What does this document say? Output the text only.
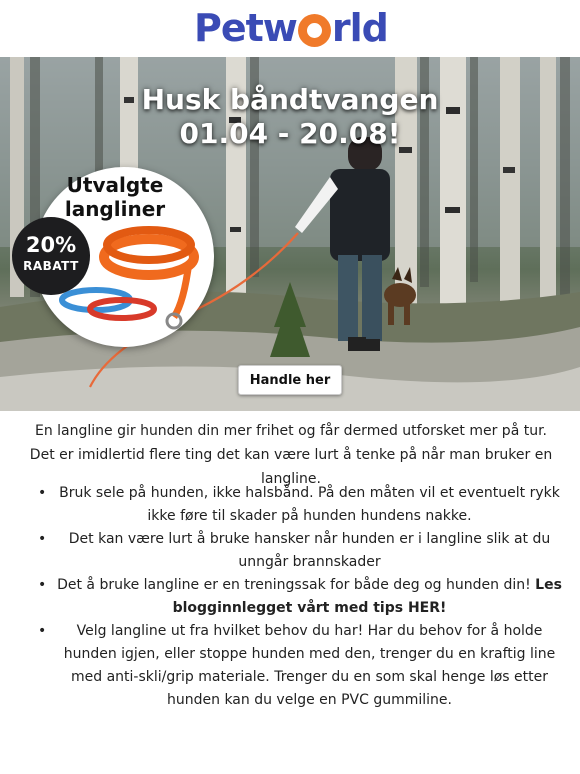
Petw rld
Husk båndtvangen
01.04 - 20.08!
Utvalgte
langliner
20%
RABATT
Handle her

En langline gir hunden din mer frihet og får dermed utforsket mer på tur. Det er imidlertid flere ting det kan være lurt å tenke på når man bruker en langline.

• Bruk sele på hunden, ikke halsbånd. På den måten vil et eventuelt rykk ikke føre til skader på hunden hundens nakke.
• Det kan være lurt å bruke hansker når hunden er i langline slik at du unngår brannskader
• Det å bruke langline er en treningssak for både deg og hunden din! Les blogginnlegget vårt med tips HER!
• Velg langline ut fra hvilket behov du har! Har du behov for å holde hunden igjen, eller stoppe hunden med den, trenger du en kraftig line med anti-skli/grip materiale. Trenger du en som skal henge løs etter hunden kan du velge en PVC gummiline.
